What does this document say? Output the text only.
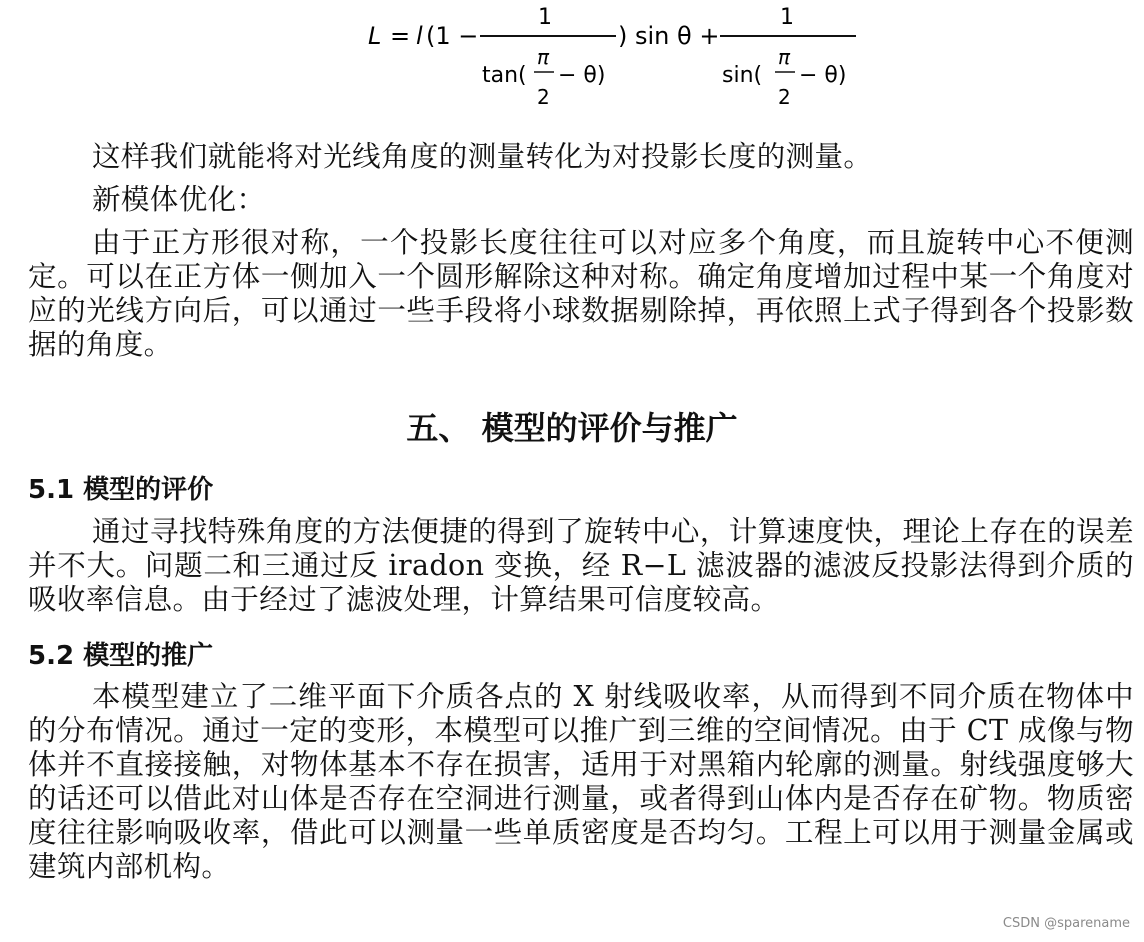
L = l (1 −
1
tan(
π
2
− θ)
) sin θ +
1
sin(
π
2
− θ)
这样我们就能将对光线角度的测量转化为对投影长度的测量。
新模体优化：
由于正方形很对称，一个投影长度往往可以对应多个角度，而且旋转中心不便测定。可以在正方体一侧加入一个圆形解除这种对称。确定角度增加过程中某一个角度对应的光线方向后，可以通过一些手段将小球数据剔除掉，再依照上式子得到各个投影数据的角度。
五、 模型的评价与推广
5.1 模型的评价
通过寻找特殊角度的方法便捷的得到了旋转中心，计算速度快，理论上存在的误差并不大。问题二和三通过反 iradon 变换，经 R−L 滤波器的滤波反投影法得到介质的吸收率信息。由于经过了滤波处理，计算结果可信度较高。
5.2 模型的推广
本模型建立了二维平面下介质各点的 X 射线吸收率，从而得到不同介质在物体中的分布情况。通过一定的变形，本模型可以推广到三维的空间情况。由于 CT 成像与物体并不直接接触，对物体基本不存在损害，适用于对黑箱内轮廓的测量。射线强度够大的话还可以借此对山体是否存在空洞进行测量，或者得到山体内是否存在矿物。物质密度往往影响吸收率，借此可以测量一些单质密度是否均匀。工程上可以用于测量金属或建筑内部机构。
CSDN @sparename
